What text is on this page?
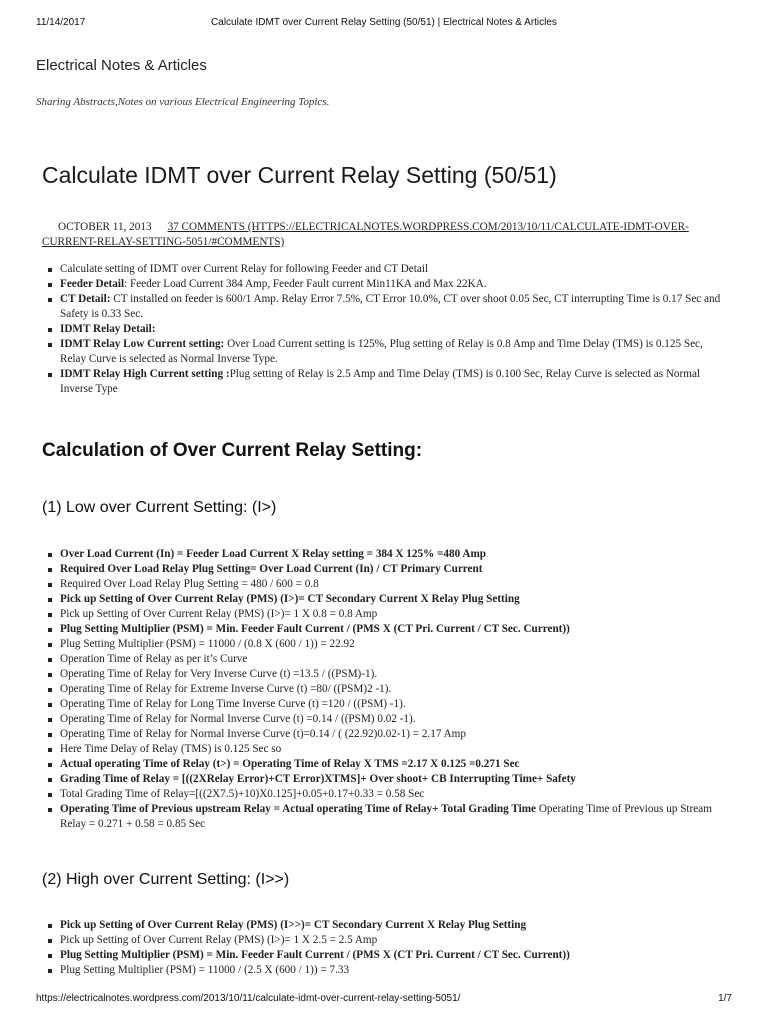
11/14/2017	Calculate IDMT over Current Relay Setting (50/51) | Electrical Notes & Articles
Electrical Notes & Articles
Sharing Abstracts,Notes on various Electrical Engineering Topics.
Calculate IDMT over Current Relay Setting (50/51)
OCTOBER 11, 2013 37 COMMENTS (HTTPS://ELECTRICALNOTES.WORDPRESS.COM/2013/10/11/CALCULATE-IDMT-OVER-CURRENT-RELAY-SETTING-5051/#COMMENTS)
Calculate setting of IDMT over Current Relay for following Feeder and CT Detail
Feeder Detail: Feeder Load Current 384 Amp, Feeder Fault current Min11KA and Max 22KA.
CT Detail: CT installed on feeder is 600/1 Amp. Relay Error 7.5%, CT Error 10.0%, CT over shoot 0.05 Sec, CT interrupting Time is 0.17 Sec and Safety is 0.33 Sec.
IDMT Relay Detail:
IDMT Relay Low Current setting: Over Load Current setting is 125%, Plug setting of Relay is 0.8 Amp and Time Delay (TMS) is 0.125 Sec, Relay Curve is selected as Normal Inverse Type.
IDMT Relay High Current setting :Plug setting of Relay is 2.5 Amp and Time Delay (TMS) is 0.100 Sec, Relay Curve is selected as Normal Inverse Type
Calculation of Over Current Relay Setting:
(1) Low over Current Setting: (I>)
Over Load Current (In) = Feeder Load Current X Relay setting = 384 X 125% =480 Amp
Required Over Load Relay Plug Setting= Over Load Current (In) / CT Primary Current
Required Over Load Relay Plug Setting = 480 / 600 = 0.8
Pick up Setting of Over Current Relay (PMS) (I>)= CT Secondary Current X Relay Plug Setting
Pick up Setting of Over Current Relay (PMS) (I>)= 1 X 0.8 = 0.8 Amp
Plug Setting Multiplier (PSM) = Min. Feeder Fault Current / (PMS X (CT Pri. Current / CT Sec. Current))
Plug Setting Multiplier (PSM) = 11000 / (0.8 X (600 / 1)) = 22.92
Operation Time of Relay as per it’s Curve
Operating Time of Relay for Very Inverse Curve (t) =13.5 / ((PSM)-1).
Operating Time of Relay for Extreme Inverse Curve (t) =80/ ((PSM)2 -1).
Operating Time of Relay for Long Time Inverse Curve (t) =120 / ((PSM) -1).
Operating Time of Relay for Normal Inverse Curve (t) =0.14 / ((PSM) 0.02 -1).
Operating Time of Relay for Normal Inverse Curve (t)=0.14 / ( (22.92)0.02-1) = 2.17 Amp
Here Time Delay of Relay (TMS) is 0.125 Sec so
Actual operating Time of Relay (t>) = Operating Time of Relay X TMS =2.17 X 0.125 =0.271 Sec
Grading Time of Relay = [((2XRelay Error)+CT Error)XTMS]+ Over shoot+ CB Interrupting Time+ Safety
Total Grading Time of Relay=[((2X7.5)+10)X0.125]+0.05+0.17+0.33 = 0.58 Sec
Operating Time of Previous upstream Relay = Actual operating Time of Relay+ Total Grading Time Operating Time of Previous up Stream Relay = 0.271 + 0.58 = 0.85 Sec
(2) High over Current Setting: (I>>)
Pick up Setting of Over Current Relay (PMS) (I>>)= CT Secondary Current X Relay Plug Setting
Pick up Setting of Over Current Relay (PMS) (I>)= 1 X 2.5 = 2.5 Amp
Plug Setting Multiplier (PSM) = Min. Feeder Fault Current / (PMS X (CT Pri. Current / CT Sec. Current))
Plug Setting Multiplier (PSM) = 11000 / (2.5 X (600 / 1)) = 7.33
https://electricalnotes.wordpress.com/2013/10/11/calculate-idmt-over-current-relay-setting-5051/	1/7
